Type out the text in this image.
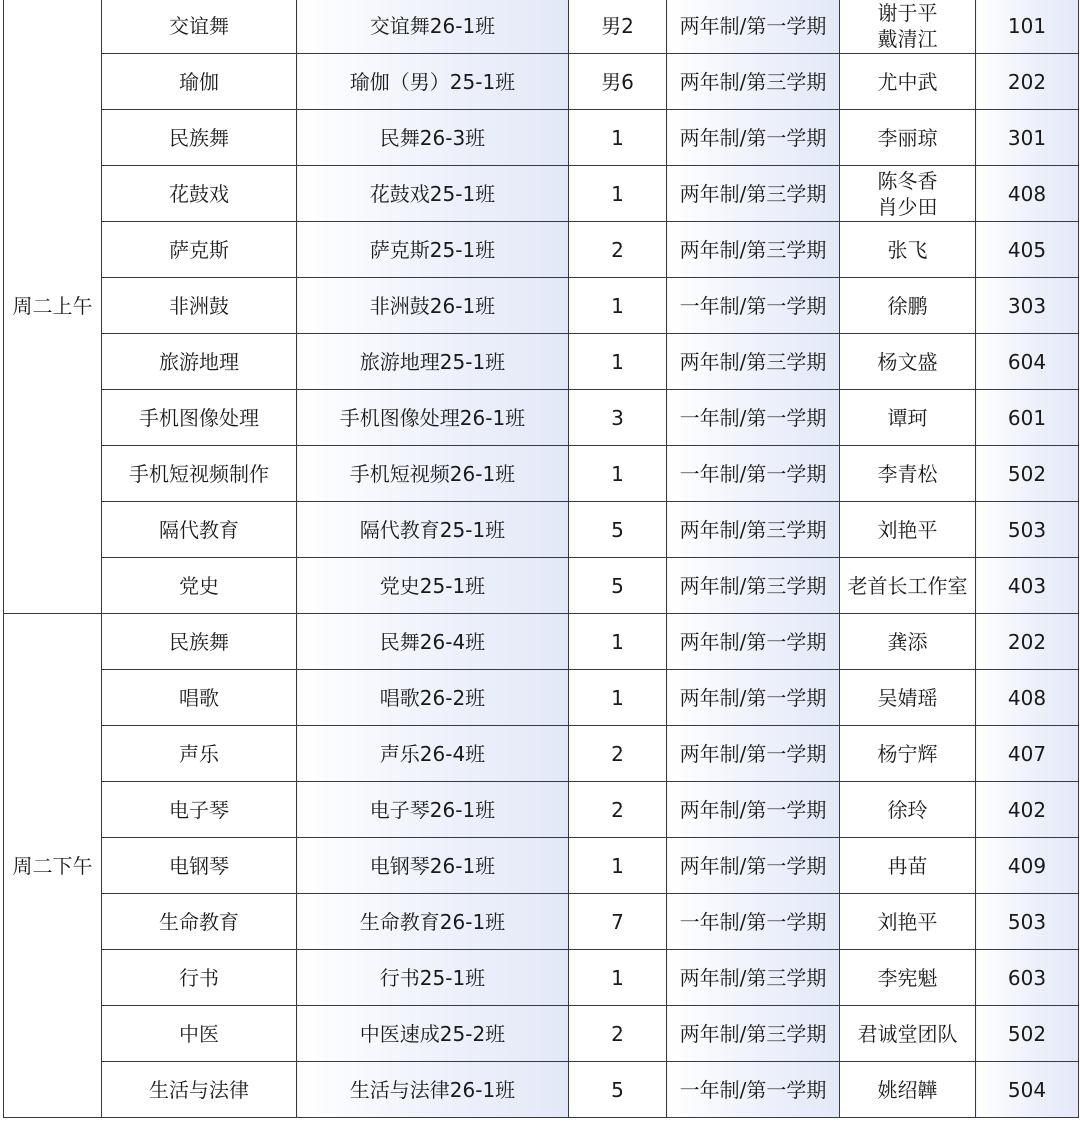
周二上午	交谊舞	交谊舞26-1班	男2	两年制/第一学期	谢于平
戴清江	101
	瑜伽	瑜伽（男）25-1班	男6	两年制/第三学期	尤中武	202
	民族舞	民舞26-3班	1	两年制/第一学期	李丽琼	301
	花鼓戏	花鼓戏25-1班	1	两年制/第三学期	陈冬香
肖少田	408
	萨克斯	萨克斯25-1班	2	两年制/第三学期	张飞	405
	非洲鼓	非洲鼓26-1班	1	一年制/第一学期	徐鹏	303
	旅游地理	旅游地理25-1班	1	两年制/第三学期	杨文盛	604
	手机图像处理	手机图像处理26-1班	3	一年制/第一学期	谭珂	601
	手机短视频制作	手机短视频26-1班	1	一年制/第一学期	李青松	502
	隔代教育	隔代教育25-1班	5	两年制/第三学期	刘艳平	503
	党史	党史25-1班	5	两年制/第三学期	老首长工作室	403
周二下午	民族舞	民舞26-4班	1	两年制/第一学期	龚添	202
	唱歌	唱歌26-2班	1	两年制/第一学期	吴婧瑶	408
	声乐	声乐26-4班	2	两年制/第一学期	杨宁辉	407
	电子琴	电子琴26-1班	2	两年制/第一学期	徐玲	402
	电钢琴	电钢琴26-1班	1	两年制/第一学期	冉苗	409
	生命教育	生命教育26-1班	7	一年制/第一学期	刘艳平	503
	行书	行书25-1班	1	两年制/第三学期	李宪魁	603
	中医	中医速成25-2班	2	两年制/第三学期	君诚堂团队	502
	生活与法律	生活与法律26-1班	5	一年制/第一学期	姚绍韡	504
